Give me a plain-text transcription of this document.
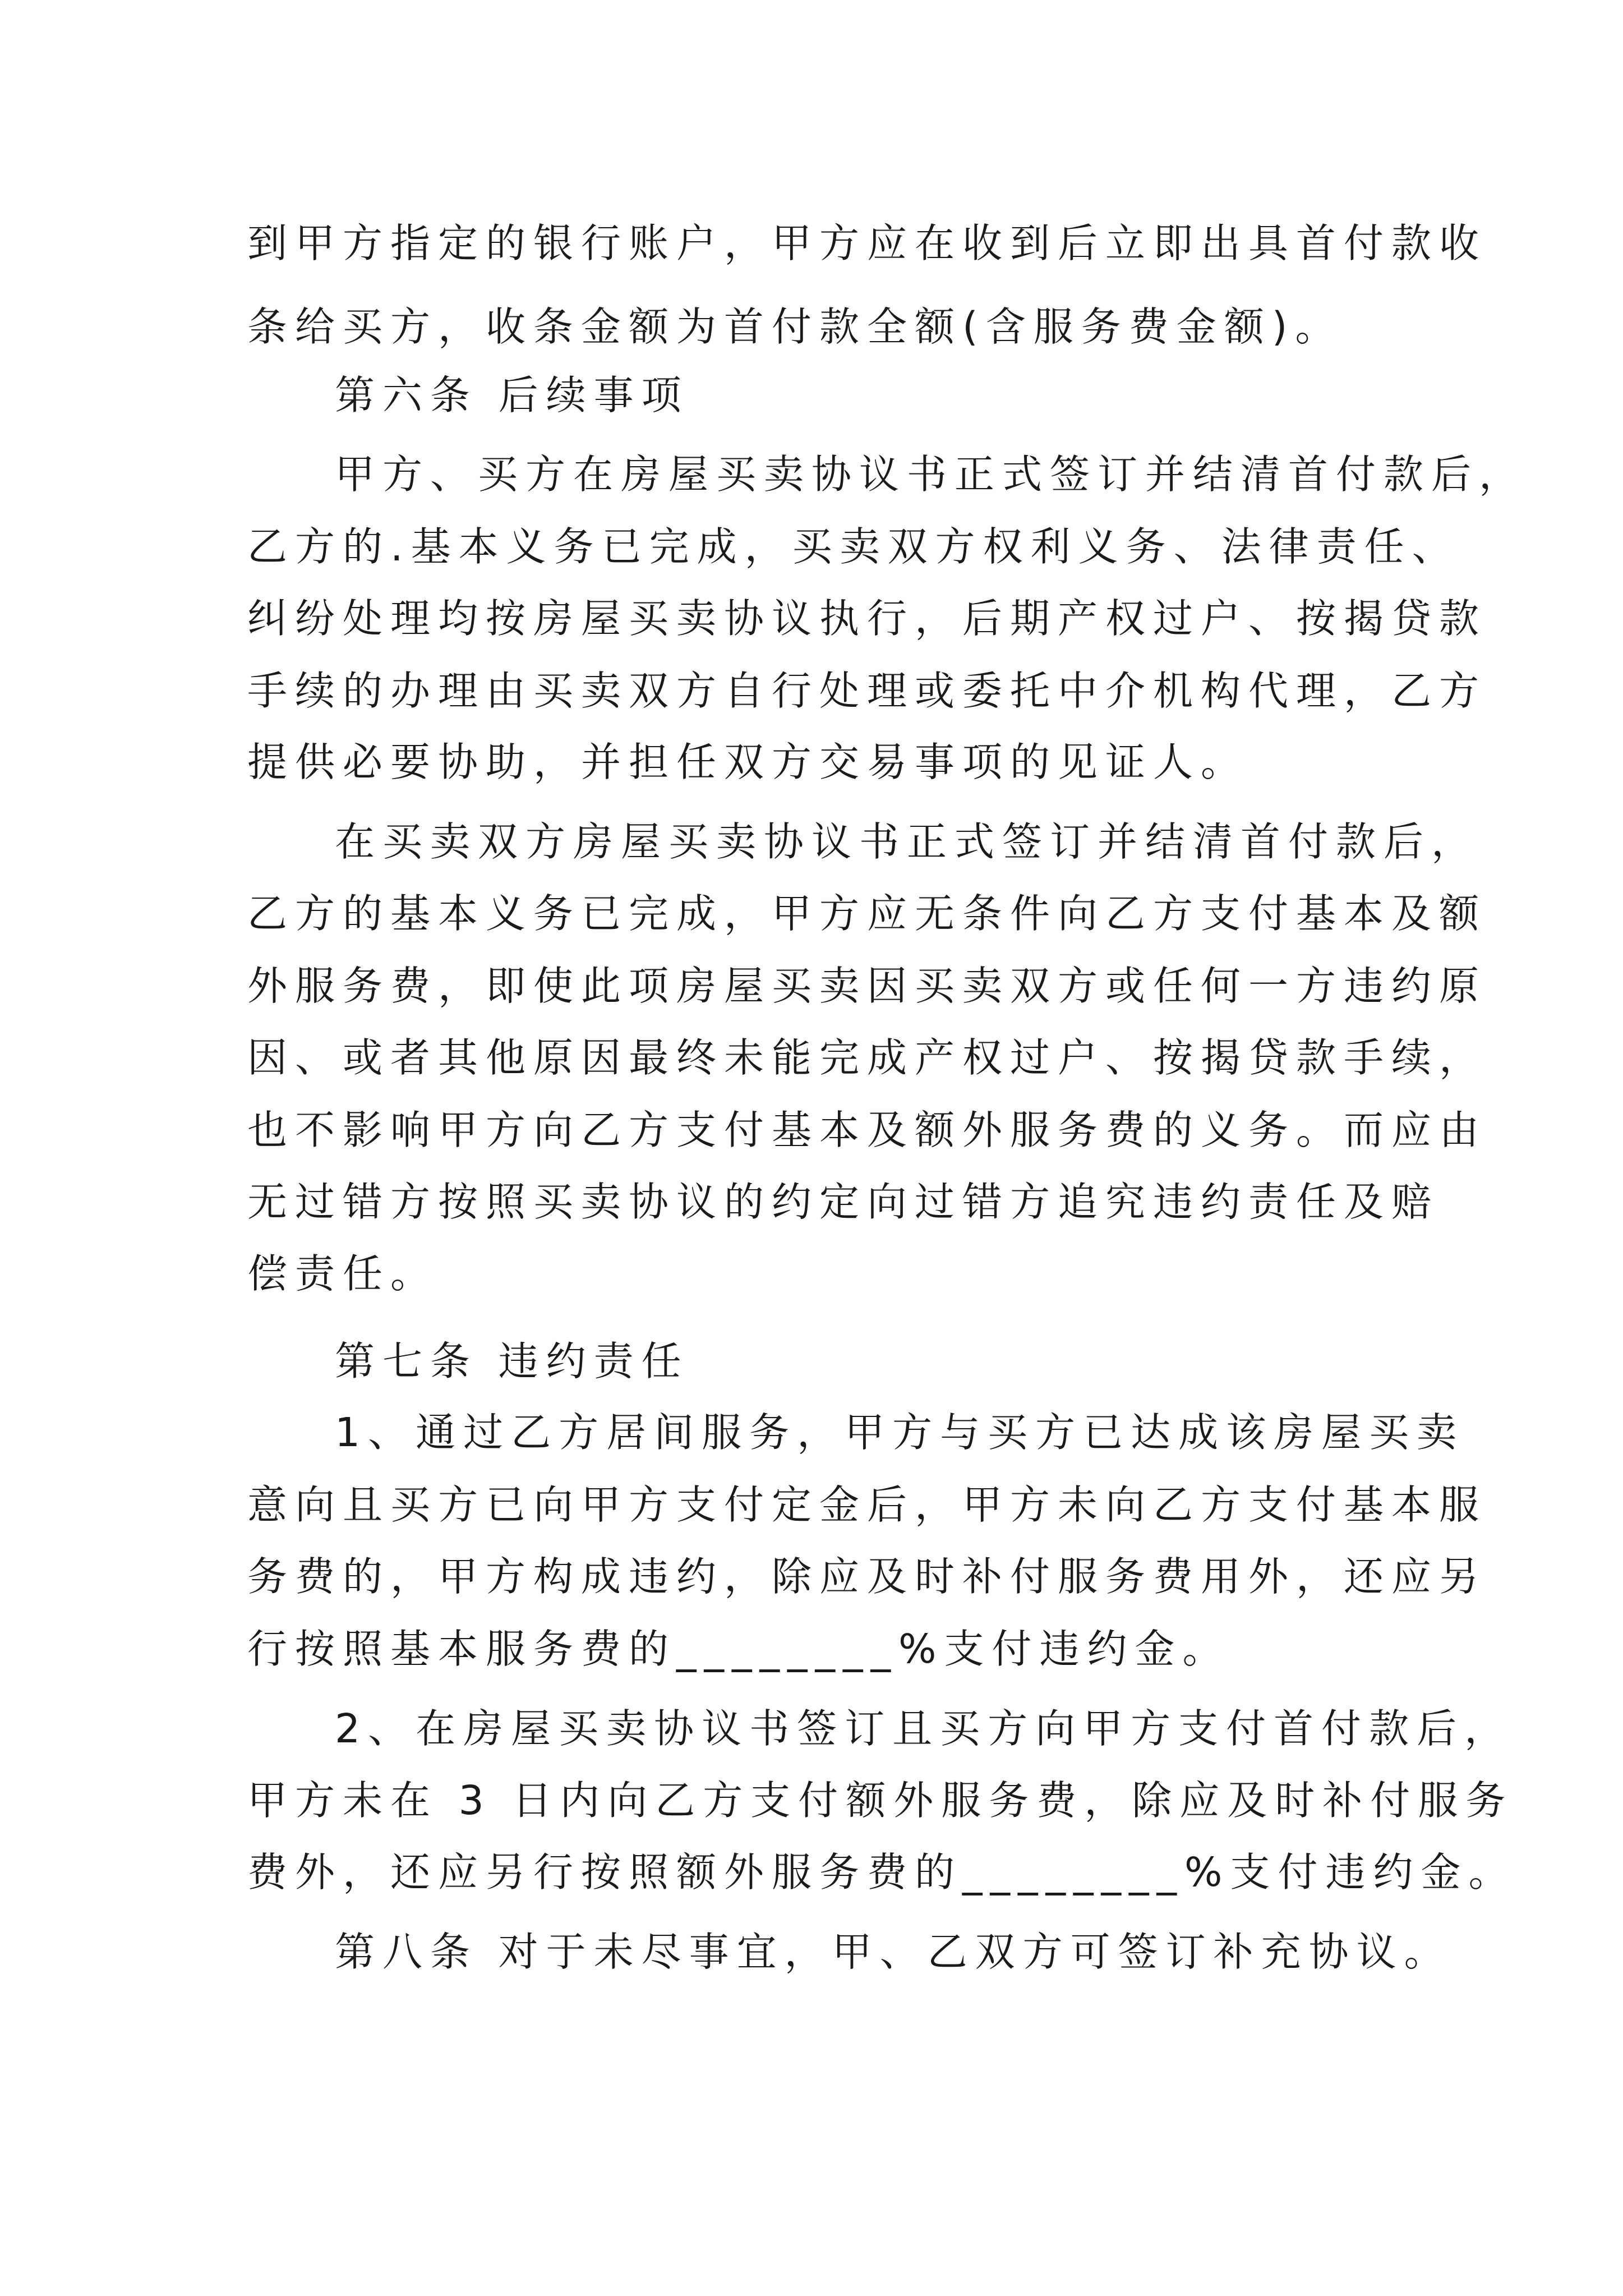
到甲方指定的银行账户，甲方应在收到后立即出具首付款收

条给买方，收条金额为首付款全额(含服务费金额)。

第六条 后续事项

甲方、买方在房屋买卖协议书正式签订并结清首付款后，

乙方的.基本义务已完成，买卖双方权利义务、法律责任、

纠纷处理均按房屋买卖协议执行，后期产权过户、按揭贷款

手续的办理由买卖双方自行处理或委托中介机构代理，乙方

提供必要协助，并担任双方交易事项的见证人。

在买卖双方房屋买卖协议书正式签订并结清首付款后，

乙方的基本义务已完成，甲方应无条件向乙方支付基本及额

外服务费，即使此项房屋买卖因买卖双方或任何一方违约原

因、或者其他原因最终未能完成产权过户、按揭贷款手续，

也不影响甲方向乙方支付基本及额外服务费的义务。而应由

无过错方按照买卖协议的约定向过错方追究违约责任及赔

偿责任。

第七条 违约责任

1、通过乙方居间服务，甲方与买方已达成该房屋买卖

意向且买方已向甲方支付定金后，甲方未向乙方支付基本服

务费的，甲方构成违约，除应及时补付服务费用外，还应另

行按照基本服务费的________%支付违约金。

2、在房屋买卖协议书签订且买方向甲方支付首付款后，

甲方未在 3 日内向乙方支付额外服务费，除应及时补付服务

费外，还应另行按照额外服务费的________%支付违约金。

第八条 对于未尽事宜，甲、乙双方可签订补充协议。
